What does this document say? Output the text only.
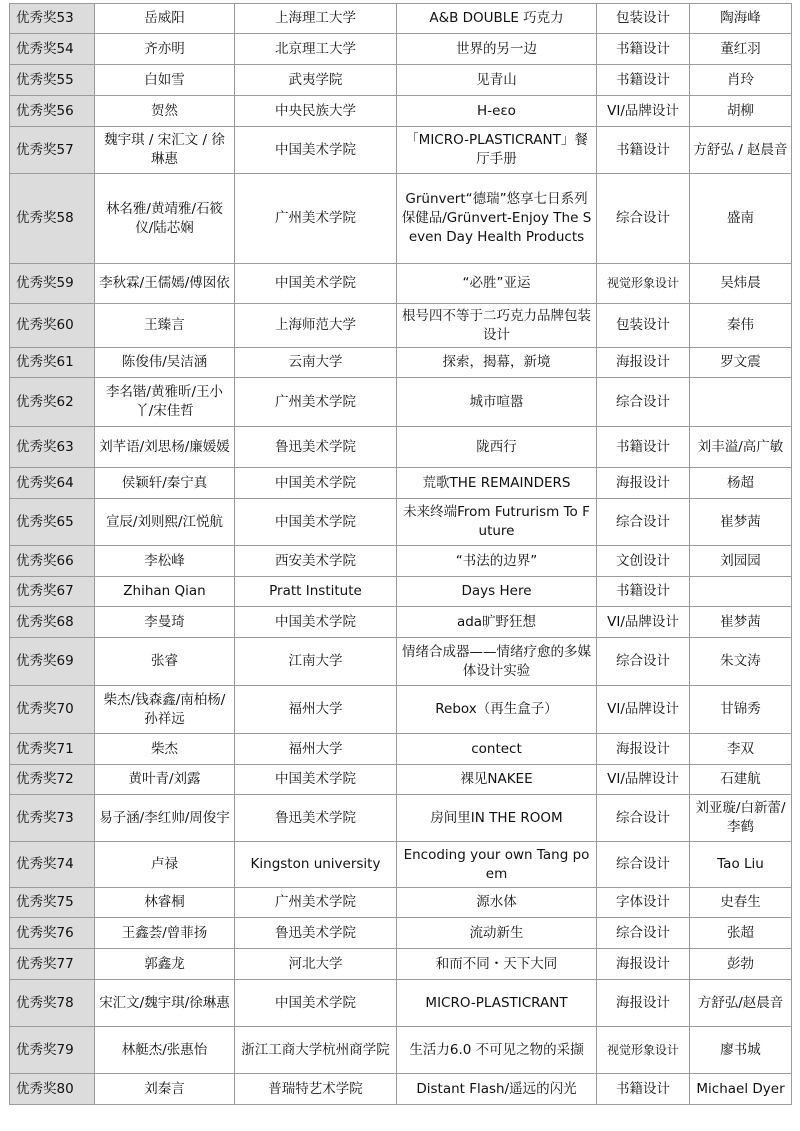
优秀奖53	岳威阳	上海理工大学	A&B DOUBLE 巧克力	包装设计	陶海峰
优秀奖54	齐亦明	北京理工大学	世界的另一边	书籍设计	董红羽
优秀奖55	白如雪	武夷学院	见青山	书籍设计	肖玲
优秀奖56	贺然	中央民族大学	H-eεo	VI/品牌设计	胡柳
优秀奖57	魏宇琪 / 宋汇文 / 徐琳惠	中国美术学院	「MICRO-PLASTICRANT」餐厅手册	书籍设计	方舒弘 / 赵晨音
优秀奖58	林名雅/黄靖雅/石筱仪/陆芯娴	广州美术学院	Grünvert“德瑞”悠享七日系列保健品/Grünvert-Enjoy The Seven Day Health Products	综合设计	盛南
优秀奖59	李秋霖/王儒嫣/傅囡依	中国美术学院	“必胜”亚运	视觉形象设计	吴炜晨
优秀奖60	王臻言	上海师范大学	根号四不等于二巧克力品牌包装设计	包装设计	秦伟
优秀奖61	陈俊伟/吴洁涵	云南大学	探索，揭幕，新境	海报设计	罗文震
优秀奖62	李名锴/黄雅昕/王小丫/宋佳哲	广州美术学院	城市喧嚣	综合设计	
优秀奖63	刘芊语/刘思杨/廉媛媛	鲁迅美术学院	陇西行	书籍设计	刘丰溢/高广敏
优秀奖64	侯颖轩/秦宁真	中国美术学院	荒歌THE REMAINDERS	海报设计	杨超
优秀奖65	宣辰/刘则熙/江悦航	中国美术学院	未来终端From Futrurism To Future	综合设计	崔梦茜
优秀奖66	李松峰	西安美术学院	“书法的边界”	文创设计	刘园园
优秀奖67	Zhihan Qian	Pratt Institute	Days Here	书籍设计	
优秀奖68	李曼琦	中国美术学院	ada旷野狂想	VI/品牌设计	崔梦茜
优秀奖69	张睿	江南大学	情绪合成器——情绪疗愈的多媒体设计实验	综合设计	朱文涛
优秀奖70	柴杰/钱森鑫/南柏杨/孙祥远	福州大学	Rebox（再生盒子）	VI/品牌设计	甘锦秀
优秀奖71	柴杰	福州大学	contect	海报设计	李双
优秀奖72	黄叶青/刘露	中国美术学院	裸见NAKEE	VI/品牌设计	石建航
优秀奖73	易子涵/李红帅/周俊宇	鲁迅美术学院	房间里IN THE ROOM	综合设计	刘亚璇/白新蕾/李鹤
优秀奖74	卢禄	Kingston university	Encoding your own Tang poem	综合设计	Tao Liu
优秀奖75	林睿桐	广州美术学院	源水体	字体设计	史春生
优秀奖76	王鑫荟/曾菲扬	鲁迅美术学院	流动新生	综合设计	张超
优秀奖77	郭鑫龙	河北大学	和而不同・天下大同	海报设计	彭勃
优秀奖78	宋汇文/魏宇琪/徐琳惠	中国美术学院	MICRO-PLASTICRANT	海报设计	方舒弘/赵晨音
优秀奖79	林艇杰/张惠怡	浙江工商大学杭州商学院	生活力6.0 不可见之物的采撷	视觉形象设计	廖书城
优秀奖80	刘秦言	普瑞特艺术学院	Distant Flash/遥远的闪光	书籍设计	Michael Dyer
